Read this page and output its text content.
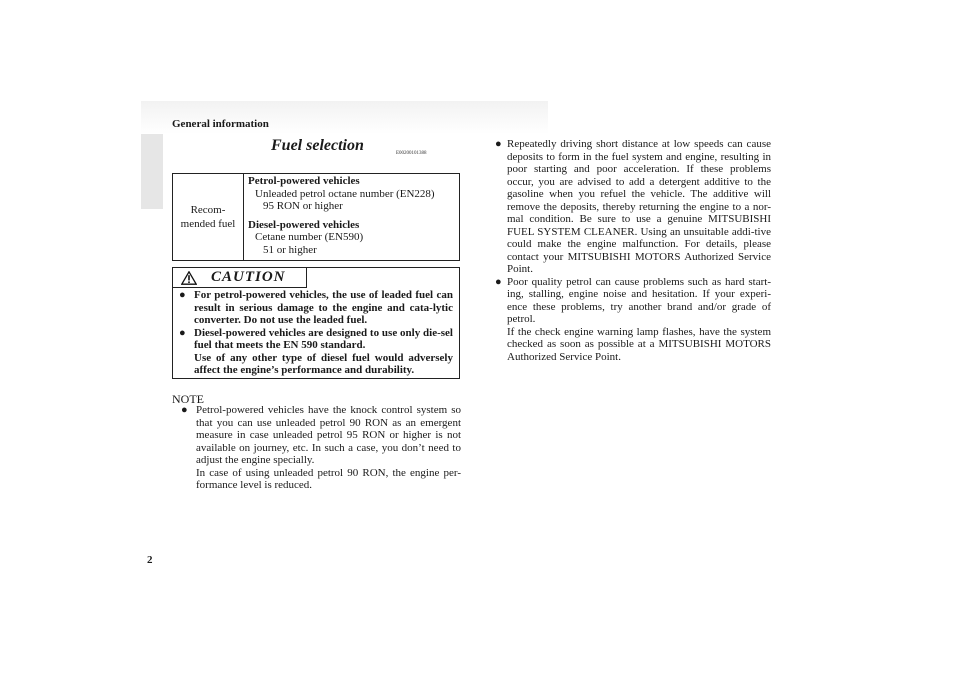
General information
Fuel selection	E00200101388
Recom-
mended fuel
Petrol-powered vehicles
Unleaded petrol octane number (EN228)
95 RON or higher
Diesel-powered vehicles
Cetane number (EN590)
51 or higher
CAUTION
● For petrol-powered vehicles, the use of leaded fuel can result in serious damage to the engine and cata-lytic converter. Do not use the leaded fuel.
● Diesel-powered vehicles are designed to use only die-sel fuel that meets the EN 590 standard.
Use of any other type of diesel fuel would adversely affect the engine’s performance and durability.
NOTE
● Petrol-powered vehicles have the knock control system so that you can use unleaded petrol 90 RON as an emergent measure in case unleaded petrol 95 RON or higher is not available on journey, etc. In such a case, you don’t need to adjust the engine specially.
In case of using unleaded petrol 90 RON, the engine per-formance level is reduced.
● Repeatedly driving short distance at low speeds can cause deposits to form in the fuel system and engine, resulting in poor starting and poor acceleration. If these problems occur, you are advised to add a detergent additive to the gasoline when you refuel the vehicle. The additive will remove the deposits, thereby returning the engine to a nor-mal condition. Be sure to use a genuine MITSUBISHI FUEL SYSTEM CLEANER. Using an unsuitable addi-tive could make the engine malfunction. For details, please contact your MITSUBISHI MOTORS Authorized Service Point.
● Poor quality petrol can cause problems such as hard start-ing, stalling, engine noise and hesitation. If your experi-ence these problems, try another brand and/or grade of petrol.
If the check engine warning lamp flashes, have the system checked as soon as possible at a MITSUBISHI MOTORS Authorized Service Point.
2
